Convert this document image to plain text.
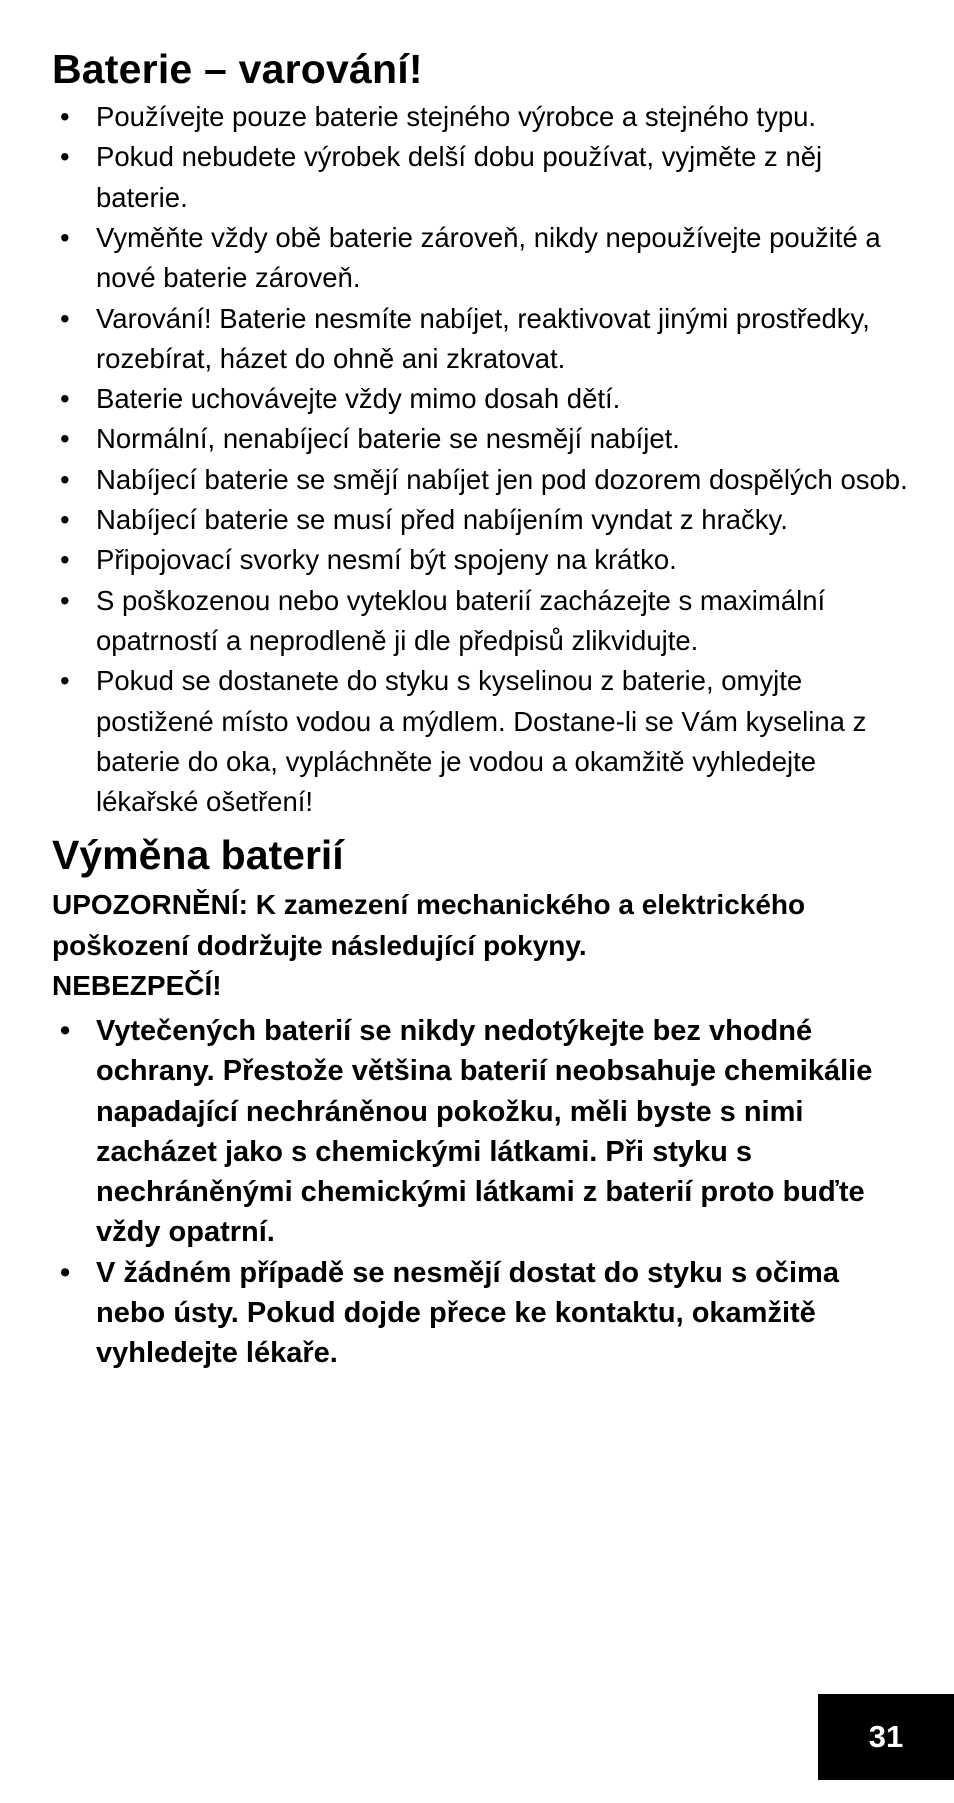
Baterie – varování!
• Používejte pouze baterie stejného výrobce a stejného typu.
• Pokud nebudete výrobek delší dobu používat, vyjměte z něj baterie.
• Vyměňte vždy obě baterie zároveň, nikdy nepoužívejte použité a nové baterie zároveň.
• Varování! Baterie nesmíte nabíjet, reaktivovat jinými prostředky, rozebírat, házet do ohně ani zkratovat.
• Baterie uchovávejte vždy mimo dosah dětí.
• Normální, nenabíjecí baterie se nesmějí nabíjet.
• Nabíjecí baterie se smějí nabíjet jen pod dozorem dospělých osob.
• Nabíjecí baterie se musí před nabíjením vyndat z hračky.
• Připojovací svorky nesmí být spojeny na krátko.
• S poškozenou nebo vyteklou baterií zacházejte s maximální opatrností a neprodleně ji dle předpisů zlikvidujte.
• Pokud se dostanete do styku s kyselinou z baterie, omyjte postižené místo vodou a mýdlem. Dostane-li se Vám kyselina z baterie do oka, vypláchněte je vodou a okamžitě vyhledejte lékařské ošetření!
Výměna baterií

UPOZORNĚNÍ: K zamezení mechanického a elektrického poškození dodržujte následující pokyny.

NEBEZPEČÍ!

• Vytečených baterií se nikdy nedotýkejte bez vhodné ochrany. Přestože většina baterií neobsahuje chemikálie napadající nechráněnou pokožku, měli byste s nimi zacházet jako s chemickými látkami. Při styku s nechráněnými chemickými látkami z baterií proto buďte vždy opatrní.
• V žádném případě se nesmějí dostat do styku s očima nebo ústy. Pokud dojde přece ke kontaktu, okamžitě vyhledejte lékaře.
31
